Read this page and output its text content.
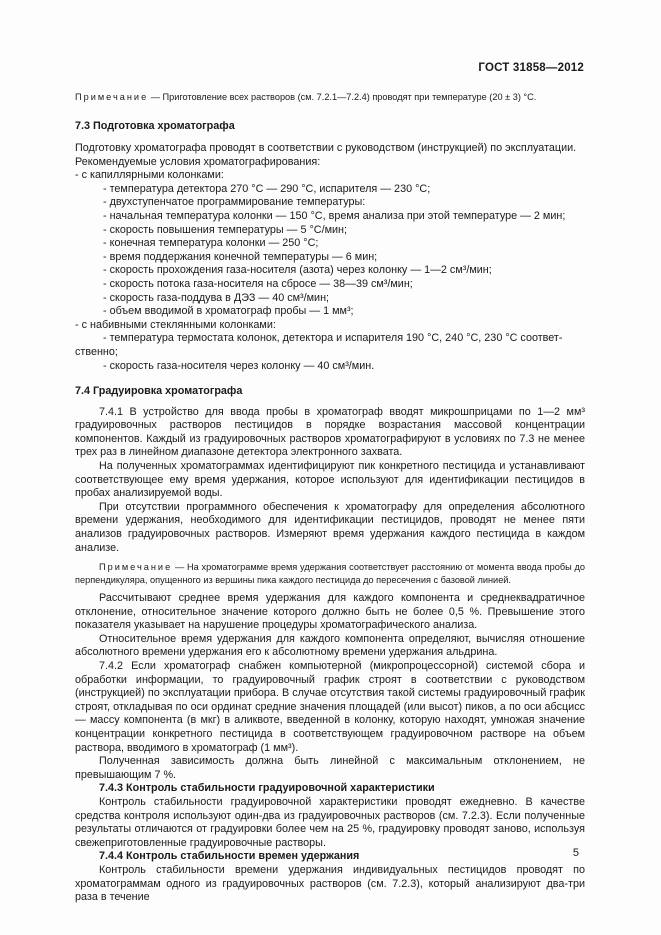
ГОСТ 31858—2012

Примечание — Приготовление всех растворов (см. 7.2.1—7.2.4) проводят при температуре (20 ± 3) °С.

7.3 Подготовка хроматографа

Подготовку хроматографа проводят в соответствии с руководством (инструкцией) по эксплуатации.

Рекомендуемые условия хроматографирования:

- с капиллярными колонками:

- температура детектора 270 °С — 290 °С, испарителя — 230 °С;

- двухступенчатое программирование температуры:

- начальная температура колонки — 150 °С, время анализа при этой температуре — 2 мин;

- скорость повышения температуры — 5 °С/мин;

- конечная температура колонки — 250 °С;

- время поддержания конечной температуры — 6 мин;

- скорость прохождения газа-носителя (азота) через колонку — 1—2 см³/мин;

- скорость потока газа-носителя на сбросе — 38—39 см³/мин;

- скорость газа-поддува в ДЭЗ — 40 см³/мин;

- объем вводимой в хроматограф пробы — 1 мм³;

- с набивными стеклянными колонками:

- температура термостата колонок, детектора и испарителя 190 °С, 240 °С, 230 °С соответ-

ственно;

- скорость газа-носителя через колонку — 40 см³/мин.

7.4 Градуировка хроматографа

7.4.1 В устройство для ввода пробы в хроматограф вводят микрошприцами по 1—2 мм³ градуировочных растворов пестицидов в порядке возрастания массовой концентрации компонентов. Каждый из градуировочных растворов хроматографируют в условиях по 7.3 не менее трех раз в линейном диапазоне детектора электронного захвата.

На полученных хроматограммах идентифицируют пик конкретного пестицида и устанавливают соответствующее ему время удержания, которое используют для идентификации пестицидов в пробах анализируемой воды.

При отсутствии программного обеспечения к хроматографу для определения абсолютного времени удержания, необходимого для идентификации пестицидов, проводят не менее пяти анализов градуировочных растворов. Измеряют время удержания каждого пестицида в каждом анализе.

Примечание — На хроматограмме время удержания соответствует расстоянию от момента ввода пробы до перпендикуляра, опущенного из вершины пика каждого пестицида до пересечения с базовой линией.

Рассчитывают среднее время удержания для каждого компонента и среднеквадратичное отклонение, относительное значение которого должно быть не более 0,5 %. Превышение этого показателя указывает на нарушение процедуры хроматографического анализа.

Относительное время удержания для каждого компонента определяют, вычисляя отношение абсолютного времени удержания его к абсолютному времени удержания альдрина.

7.4.2 Если хроматограф снабжен компьютерной (микропроцессорной) системой сбора и обработки информации, то градуировочный график строят в соответствии с руководством (инструкцией) по эксплуатации прибора. В случае отсутствия такой системы градуировочный график строят, откладывая по оси ординат средние значения площадей (или высот) пиков, а по оси абсцисс — массу компонента (в мкг) в аликвоте, введенной в колонку, которую находят, умножая значение концентрации конкретного пестицида в соответствующем градуировочном растворе на объем раствора, вводимого в хроматограф (1 мм³).

Полученная зависимость должна быть линейной с максимальным отклонением, не превышающим 7 %.

7.4.3 Контроль стабильности градуировочной характеристики

Контроль стабильности градуировочной характеристики проводят ежедневно. В качестве средства контроля используют один-два из градуировочных растворов (см. 7.2.3). Если полученные результаты отличаются от градуировки более чем на 25 %, градуировку проводят заново, используя свежеприготовленные градуировочные растворы.

7.4.4 Контроль стабильности времен удержания

Контроль стабильности времени удержания индивидуальных пестицидов проводят по хроматограммам одного из градуировочных растворов (см. 7.2.3), который анализируют два-три раза в течение

5
